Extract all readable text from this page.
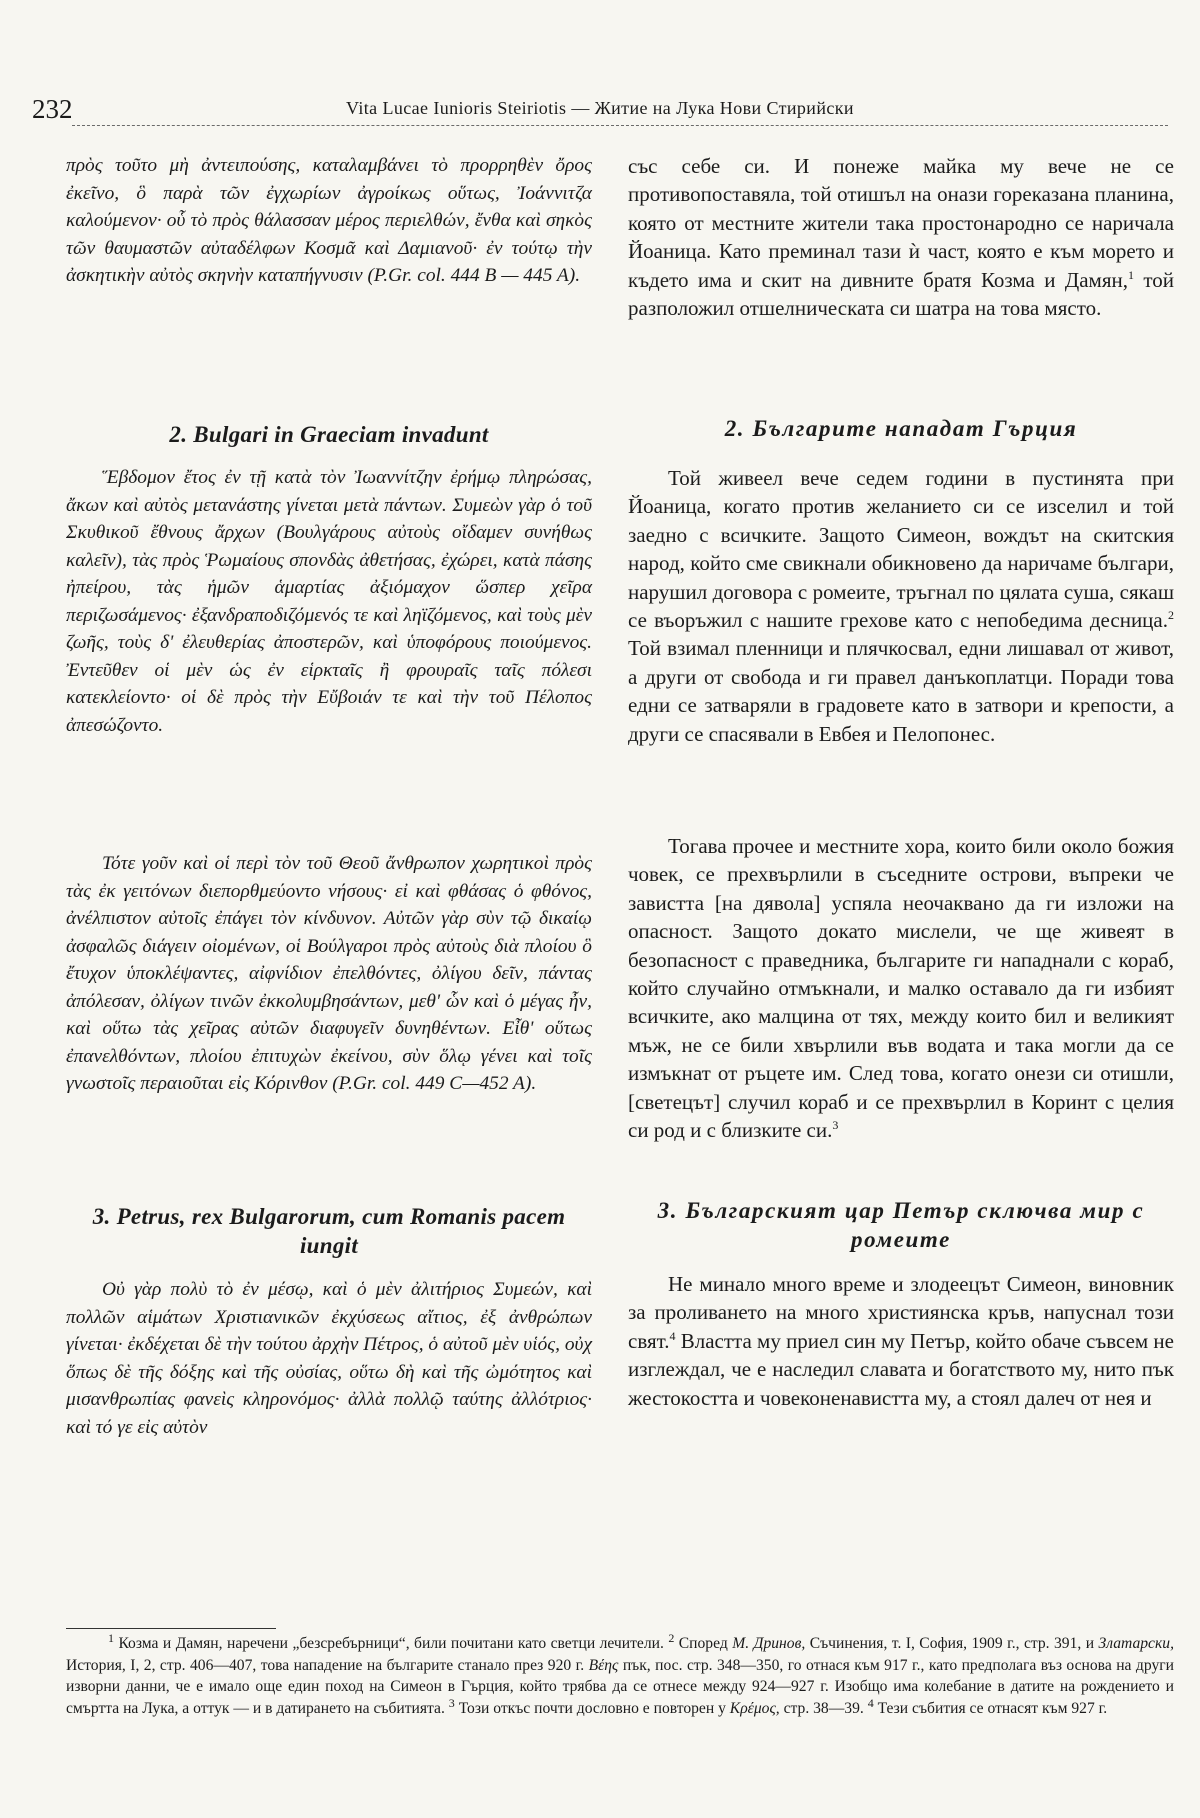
232	Vita Lucae Iunioris Steiriotis — Житие на Лука Нови Стирийски

πρὸς τοῦτο μὴ ἀντειπούσης, καταλαμβάνει τὸ προρρηθὲν ὄρος ἐκεῖνο, ὃ παρὰ τῶν ἐγχωρίων ἀγροίκως οὕτως, Ἰοάννιτζα καλούμενον· οὗ τὸ πρὸς θάλασσαν μέρος περιελθών, ἔνθα καὶ σηκὸς τῶν θαυμαστῶν αὐταδέλφων Κοσμᾶ καὶ Δαμιανοῦ· ἐν τούτῳ τὴν ἀσκητικὴν αὐτὸς σκηνὴν καταπήγνυσιν (P.Gr. col. 444 B — 445 A).

2. Bulgari in Graeciam invadunt

Ἕβδομον ἔτος ἐν τῇ κατὰ τὸν Ἰωαννίτζην ἐρήμῳ πληρώσας, ἄκων καὶ αὐτὸς μετανάστης γίνεται μετὰ πάντων. Συμεὼν γὰρ ὁ τοῦ Σκυθικοῦ ἔθνους ἄρχων (Βουλγάρους αὐτοὺς οἴδαμεν συνήθως καλεῖν), τὰς πρὸς Ῥωμαίους σπονδὰς ἀθετήσας, ἐχώρει, κατὰ πάσης ἠπείρου, τὰς ἡμῶν ἁμαρτίας ἀξιόμαχον ὥσπερ χεῖρα περιζωσάμενος· ἐξανδραποδιζόμενός τε καὶ ληϊζόμενος, καὶ τοὺς μὲν ζωῆς, τοὺς δ' ἐλευθερίας ἀποστερῶν, καὶ ὑποφόρους ποιούμενος. Ἐντεῦθεν οἱ μὲν ὡς ἐν εἱρκταῖς ἢ φρουραῖς ταῖς πόλεσι κατεκλείοντο· οἱ δὲ πρὸς τὴν Εὔβοιάν τε καὶ τὴν τοῦ Πέλοπος ἀπεσώζοντο.

Τότε γοῦν καὶ οἱ περὶ τὸν τοῦ Θεοῦ ἄνθρωπον χωρητικοὶ πρὸς τὰς ἐκ γειτόνων διεπορθμεύοντο νήσους· εἰ καὶ φθάσας ὁ φθόνος, ἀνέλπιστον αὐτοῖς ἐπάγει τὸν κίνδυνον. Αὐτῶν γὰρ σὺν τῷ δικαίῳ ἀσφαλῶς διάγειν οἰομένων, οἱ Βούλγαροι πρὸς αὐτοὺς διὰ πλοίου ὃ ἔτυχον ὑποκλέψαντες, αἰφνίδιον ἐπελθόντες, ὀλίγου δεῖν, πάντας ἀπόλεσαν, ὀλίγων τινῶν ἐκκολυμβησάντων, μεθ' ὧν καὶ ὁ μέγας ἦν, καὶ οὕτω τὰς χεῖρας αὐτῶν διαφυγεῖν δυνηθέντων. Εἶθ' οὕτως ἐπανελθόντων, πλοίου ἐπιτυχὼν ἐκείνου, σὺν ὅλῳ γένει καὶ τοῖς γνωστοῖς περαιοῦται εἰς Κόρινθον (P.Gr. col. 449 C—452 A).

3. Petrus, rex Bulgarorum, cum Romanis pacem iungit

Οὐ γὰρ πολὺ τὸ ἐν μέσῳ, καὶ ὁ μὲν ἀλιτήριος Συμεών, καὶ πολλῶν αἱμάτων Χριστιανικῶν ἐκχύσεως αἴτιος, ἐξ ἀνθρώπων γίνεται· ἐκδέχεται δὲ τὴν τούτου ἀρχὴν Πέτρος, ὁ αὐτοῦ μὲν υἱός, οὐχ ὅπως δὲ τῆς δόξης καὶ τῆς οὐσίας, οὕτω δὴ καὶ τῆς ὠμότητος καὶ μισανθρωπίας φανεὶς κληρονόμος· ἀλλὰ πολλῷ ταύτης ἀλλότριος· καὶ τό γε εἰς αὐτὸν

със себе си. И понеже майка му вече не се противопоставяла, той отишъл на онази гореказана планина, която от местните жители така простонародно се наричала Йоаница. Като преминал тази ѝ част, която е към морето и където има и скит на дивните братя Козма и Дамян,$^1$ той разположил отшелническата си шатра на това място.

2. Българите нападат Гърция

Той живеел вече седем години в пустинята при Йоаница, когато против желанието си се изселил и той заедно с всичките. Защото Симеон, вождът на скитския народ, който сме свикнали обикновено да наричаме българи, нарушил договора с ромеите, тръгнал по цялата суша, сякаш се въоръжил с нашите грехове като с непобедима десница.$^2$ Той взимал пленници и плячкосвал, едни лишавал от живот, а други от свобода и ги правел данъкоплатци. Поради това едни се затваряли в градовете като в затвори и крепости, а други се спасявали в Евбея и Пелопонес.

Тогава прочее и местните хора, които били около божия човек, се прехвърлили в съседните острови, въпреки че завистта [на дявола] успяла неочаквано да ги изложи на опасност. Защото докато мислели, че ще живеят в безопасност с праведника, българите ги нападнали с кораб, който случайно отмъкнали, и малко оставало да ги избият всичките, ако малцина от тях, между които бил и великият мъж, не се били хвърлили във водата и така могли да се измъкнат от ръцете им. След това, когато онези си отишли, [светецът] случил кораб и се прехвърлил в Коринт с целия си род и с близките си.$^3$

3. Българският цар Петър сключва мир с ромеите

Не минало много време и злодеецът Симеон, виновник за проливането на много християнска кръв, напуснал този свят.$^4$ Властта му приел син му Петър, който обаче съвсем не изглеждал, че е наследил славата и богатството му, нито пък жестокостта и човеконенавистта му, а стоял далеч от нея и

$^1$ Козма и Дамян, наречени „безсребърници“, били почитани като светци лечители. $^2$ Според М. Дринов, Съчинения, т. I, София, 1909 г., стр. 391, и Златарски, История, I, 2, стр. 406—407, това нападение на българите станало през 920 г. Βέης пък, пос. стр. 348—350, го отнася към 917 г., като предполага въз основа на други изворни данни, че е имало още един поход на Симеон в Гърция, който трябва да се отнесе между 924—927 г. Изобщо има колебание в датите на рождението и смъртта на Лука, а оттук — и в датирането на събитията. $^3$ Този откъс почти дословно е повторен у Κρέμος, стр. 38—39. $^4$ Тези събития се отнасят към 927 г.
